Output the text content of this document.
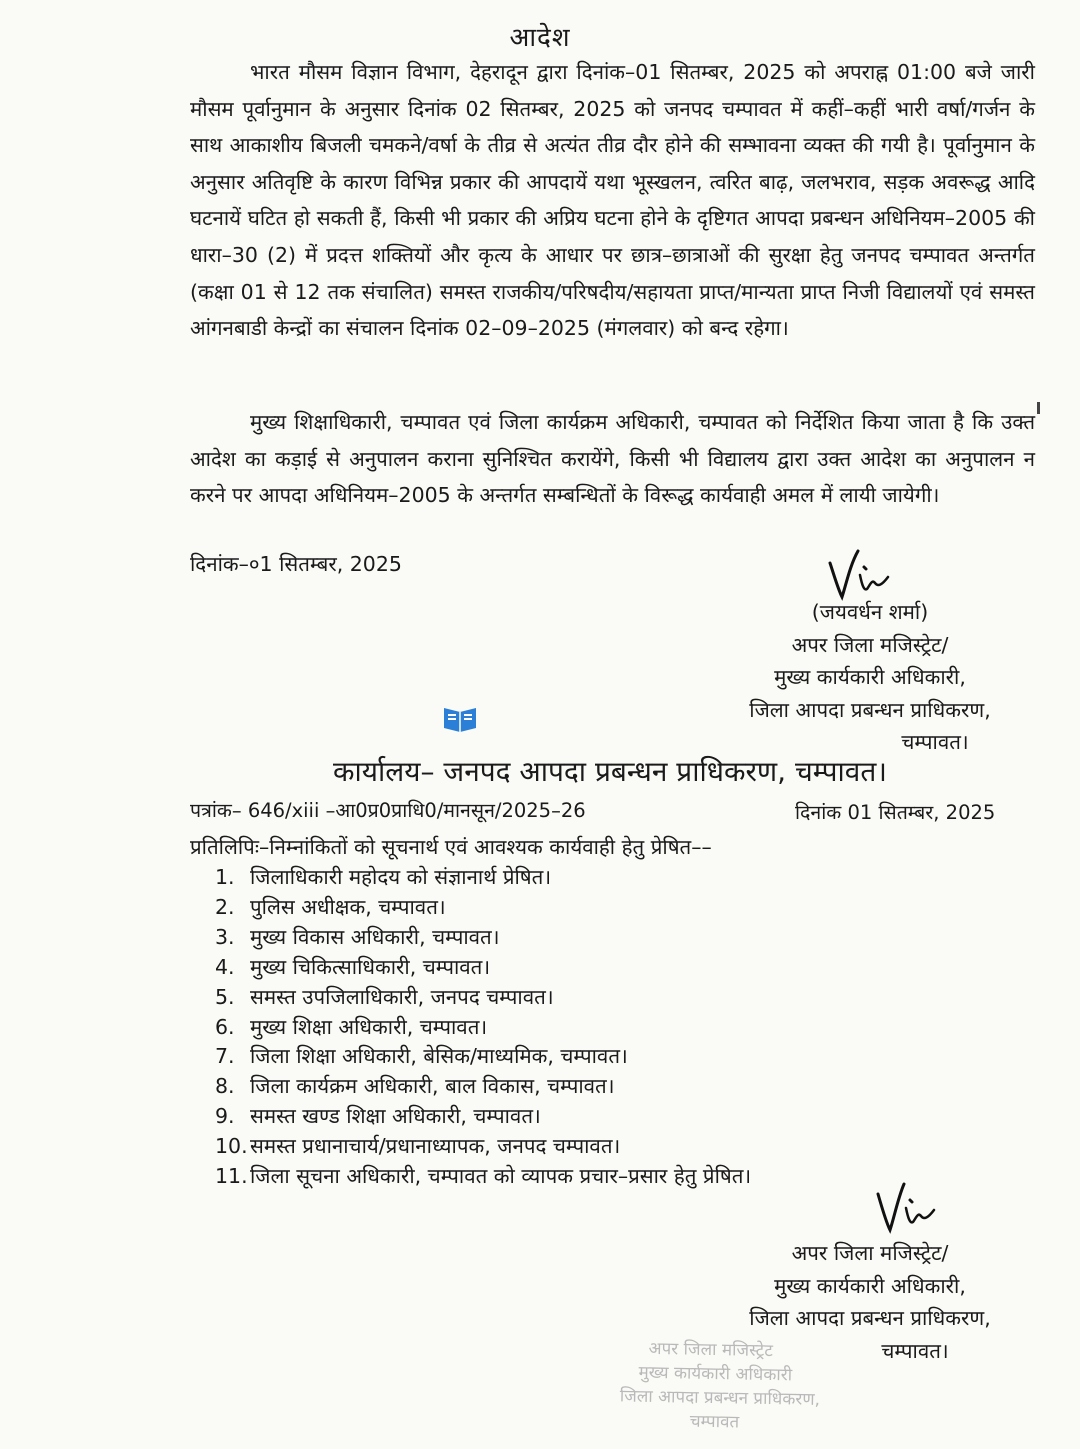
आदेश

भारत मौसम विज्ञान विभाग, देहरादून द्वारा दिनांक–01 सितम्बर, 2025 को अपराह्न 01:00 बजे जारी मौसम पूर्वानुमान के अनुसार दिनांक 02 सितम्बर, 2025 को जनपद चम्पावत में कहीं–कहीं भारी वर्षा/गर्जन के साथ आकाशीय बिजली चमकने/वर्षा के तीव्र से अत्यंत तीव्र दौर होने की सम्भावना व्यक्त की गयी है। पूर्वानुमान के अनुसार अतिवृष्टि के कारण विभिन्न प्रकार की आपदायें यथा भूस्खलन, त्वरित बाढ़, जलभराव, सड़क अवरूद्ध आदि घटनायें घटित हो सकती हैं, किसी भी प्रकार की अप्रिय घटना होने के दृष्टिगत आपदा प्रबन्धन अधिनियम–2005 की धारा–30 (2) में प्रदत्त शक्तियों और कृत्य के आधार पर छात्र–छात्राओं की सुरक्षा हेतु जनपद चम्पावत अन्तर्गत (कक्षा 01 से 12 तक संचालित) समस्त राजकीय/परिषदीय/सहायता प्राप्त/मान्यता प्राप्त निजी विद्यालयों एवं समस्त आंगनबाडी केन्द्रों का संचालन दिनांक 02–09–2025 (मंगलवार) को बन्द रहेगा।

मुख्य शिक्षाधिकारी, चम्पावत एवं जिला कार्यक्रम अधिकारी, चम्पावत को निर्देशित किया जाता है कि उक्त आदेश का कड़ाई से अनुपालन कराना सुनिश्चित करायेंगे, किसी भी विद्यालय द्वारा उक्त आदेश का अनुपालन न करने पर आपदा अधिनियम–2005 के अन्तर्गत सम्बन्धितों के विरूद्ध कार्यवाही अमल में लायी जायेगी।

दिनांक–०1 सितम्बर, 2025
(जयवर्धन शर्मा)
अपर जिला मजिस्ट्रेट/
मुख्य कार्यकारी अधिकारी,
जिला आपदा प्रबन्धन प्राधिकरण,
चम्पावत।
कार्यालय– जनपद आपदा प्रबन्धन प्राधिकरण, चम्पावत।
पत्रांक– 646/xiii –आ0प्र0प्राधि0/मानसून/2025–26	दिनांक 01 सितम्बर, 2025
प्रतिलिपिः–निम्नांकितों को सूचनार्थ एवं आवश्यक कार्यवाही हेतु प्रेषित––
1. जिलाधिकारी महोदय को संज्ञानार्थ प्रेषित।
2. पुलिस अधीक्षक, चम्पावत।
3. मुख्य विकास अधिकारी, चम्पावत।
4. मुख्य चिकित्साधिकारी, चम्पावत।
5. समस्त उपजिलाधिकारी, जनपद चम्पावत।
6. मुख्य शिक्षा अधिकारी, चम्पावत।
7. जिला शिक्षा अधिकारी, बेसिक/माध्यमिक, चम्पावत।
8. जिला कार्यक्रम अधिकारी, बाल विकास, चम्पावत।
9. समस्त खण्ड शिक्षा अधिकारी, चम्पावत।
10. समस्त प्रधानाचार्य/प्रधानाध्यापक, जनपद चम्पावत।
11. जिला सूचना अधिकारी, चम्पावत को व्यापक प्रचार–प्रसार हेतु प्रेषित।
अपर जिला मजिस्ट्रेट/
मुख्य कार्यकारी अधिकारी,
जिला आपदा प्रबन्धन प्राधिकरण,
चम्पावत।
अपर जिला मजिस्ट्रेट
मुख्य कार्यकारी अधिकारी
जिला आपदा प्रबन्धन प्राधिकरण,
चम्पावत
